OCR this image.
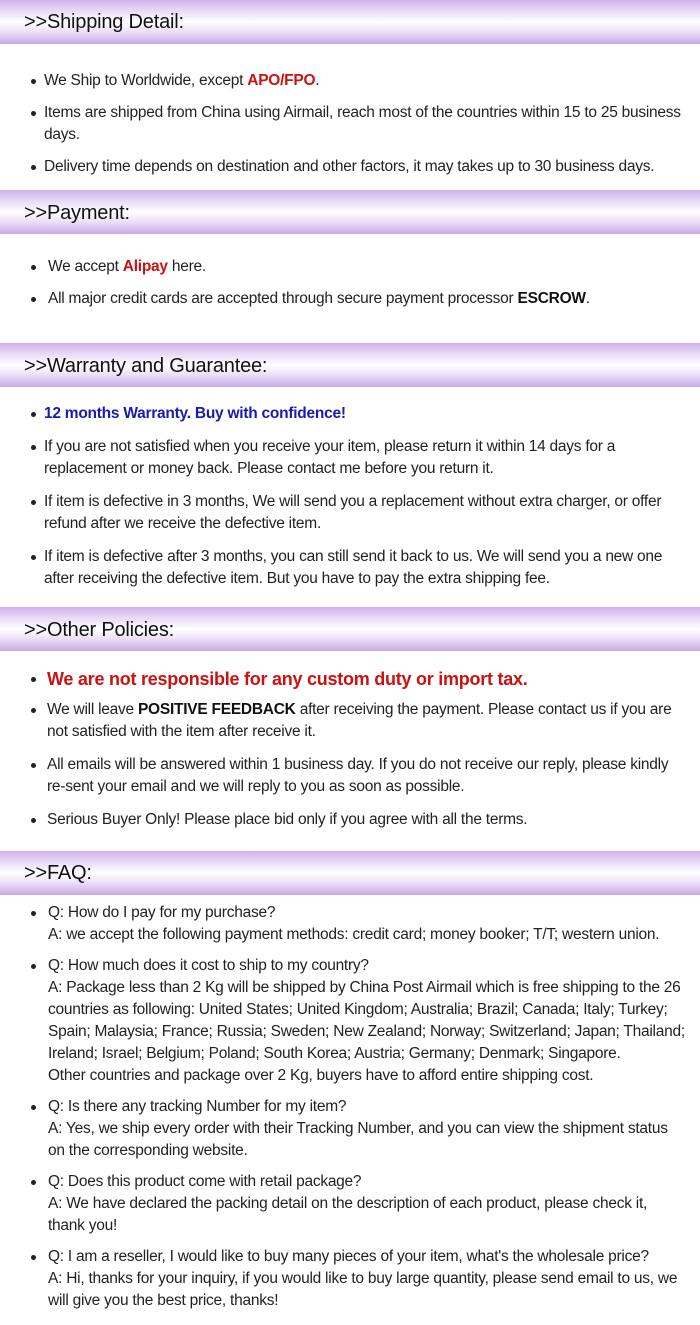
>>Shipping Detail:
We Ship to Worldwide, except APO/FPO.
Items are shipped from China using Airmail, reach most of the countries within 15 to 25 business days.
Delivery time depends on destination and other factors, it may takes up to 30 business days.
>>Payment:
We accept Alipay here.
All major credit cards are accepted through secure payment processor ESCROW.
>>Warranty and Guarantee:
12 months Warranty. Buy with confidence!
If you are not satisfied when you receive your item, please return it within 14 days for a replacement or money back. Please contact me before you return it.
If item is defective in 3 months, We will send you a replacement without extra charger, or offer refund after we receive the defective item.
If item is defective after 3 months, you can still send it back to us. We will send you a new one after receiving the defective item. But you have to pay the extra shipping fee.
>>Other Policies:
We are not responsible for any custom duty or import tax.
We will leave POSITIVE FEEDBACK after receiving the payment. Please contact us if you are not satisfied with the item after receive it.
All emails will be answered within 1 business day. If you do not receive our reply, please kindly re-sent your email and we will reply to you as soon as possible.
Serious Buyer Only! Please place bid only if you agree with all the terms.
>>FAQ:
Q: How do I pay for my purchase?
A: we accept the following payment methods: credit card; money booker; T/T; western union.
Q: How much does it cost to ship to my country?
A: Package less than 2 Kg will be shipped by China Post Airmail which is free shipping to the 26 countries as following: United States; United Kingdom; Australia; Brazil; Canada; Italy; Turkey; Spain; Malaysia; France; Russia; Sweden; New Zealand; Norway; Switzerland; Japan; Thailand; Ireland; Israel; Belgium; Poland; South Korea; Austria; Germany; Denmark; Singapore.
Other countries and package over 2 Kg, buyers have to afford entire shipping cost.
Q: Is there any tracking Number for my item?
A: Yes, we ship every order with their Tracking Number, and you can view the shipment status on the corresponding website.
Q: Does this product come with retail package?
A: We have declared the packing detail on the description of each product, please check it, thank you!
Q: I am a reseller, I would like to buy many pieces of your item, what's the wholesale price?
A: Hi, thanks for your inquiry, if you would like to buy large quantity, please send email to us, we will give you the best price, thanks!
